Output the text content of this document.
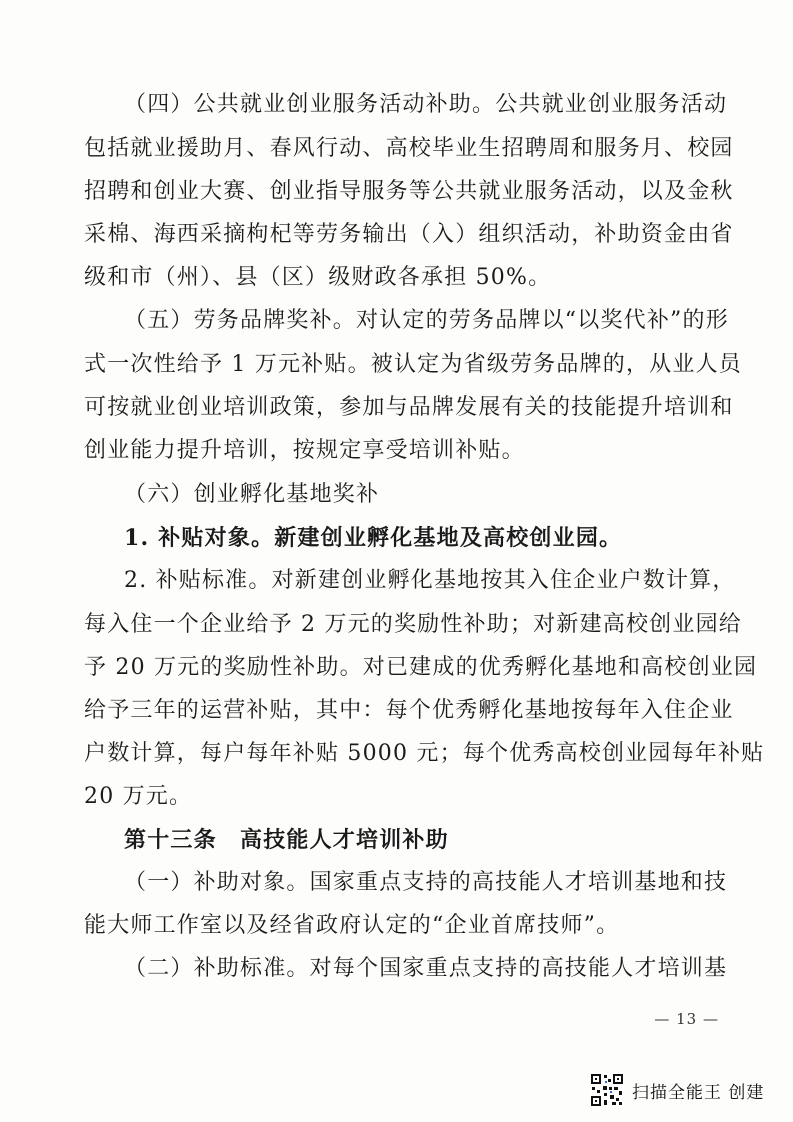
（四）公共就业创业服务活动补助。公共就业创业服务活动
包括就业援助月、春风行动、高校毕业生招聘周和服务月、校园
招聘和创业大赛、创业指导服务等公共就业服务活动，以及金秋
采棉、海西采摘枸杞等劳务输出（入）组织活动，补助资金由省
级和市（州）、县（区）级财政各承担 50%。
（五）劳务品牌奖补。对认定的劳务品牌以“以奖代补”的形
式一次性给予 1 万元补贴。被认定为省级劳务品牌的，从业人员
可按就业创业培训政策，参加与品牌发展有关的技能提升培训和
创业能力提升培训，按规定享受培训补贴。
（六）创业孵化基地奖补
1. 补贴对象。新建创业孵化基地及高校创业园。
2. 补贴标准。对新建创业孵化基地按其入住企业户数计算，
每入住一个企业给予 2 万元的奖励性补助；对新建高校创业园给
予 20 万元的奖励性补助。对已建成的优秀孵化基地和高校创业园
给予三年的运营补贴，其中：每个优秀孵化基地按每年入住企业
户数计算，每户每年补贴 5000 元；每个优秀高校创业园每年补贴
20 万元。
第十三条　高技能人才培训补助
（一）补助对象。国家重点支持的高技能人才培训基地和技
能大师工作室以及经省政府认定的“企业首席技师”。
（二）补助标准。对每个国家重点支持的高技能人才培训基
— 13 —
扫描全能王 创建
